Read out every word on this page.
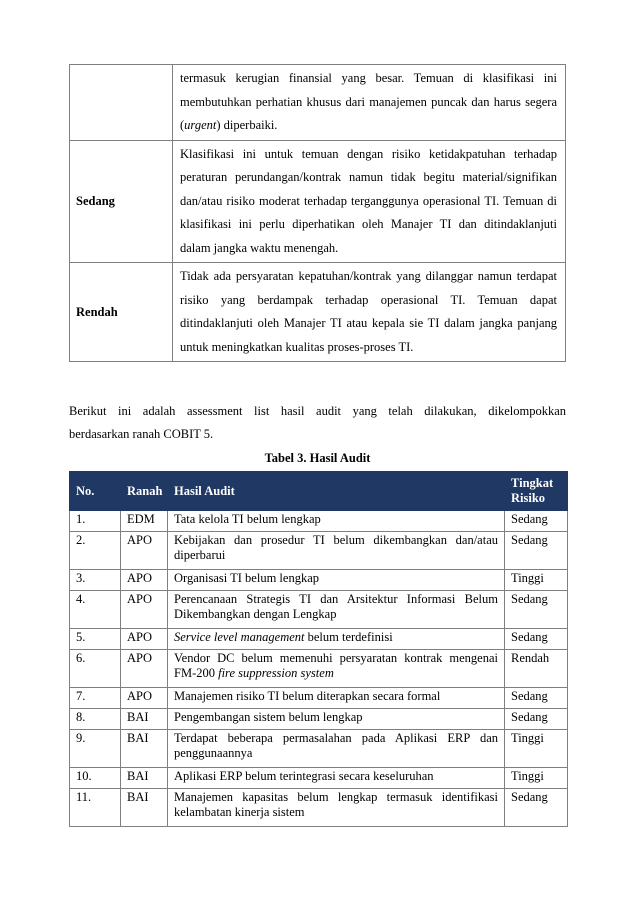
	termasuk kerugian finansial yang besar. Temuan di klasifikasi ini
membutuhkan perhatian khusus dari manajemen puncak dan harus segera
(urgent) diperbaiki.

Sedang	Klasifikasi ini untuk temuan dengan risiko ketidakpatuhan terhadap
peraturan perundangan/kontrak namun tidak begitu material/signifikan
dan/atau risiko moderat terhadap terganggunya operasional TI. Temuan di
klasifikasi ini perlu diperhatikan oleh Manajer TI dan ditindaklanjuti
dalam jangka waktu menengah.

Rendah	Tidak ada persyaratan kepatuhan/kontrak yang dilanggar namun terdapat
risiko yang berdampak terhadap operasional TI. Temuan dapat
ditindaklanjuti oleh Manajer TI atau kepala sie TI dalam jangka panjang
untuk meningkatkan kualitas proses-proses TI.

Berikut ini adalah assessment list hasil audit yang telah dilakukan, dikelompokkan
berdasarkan ranah COBIT 5.

Tabel 3. Hasil Audit
No.	Ranah	Hasil Audit	Tingkat
Risiko
1.	EDM	Tata kelola TI belum lengkap	Sedang
2.	APO	Kebijakan dan prosedur TI belum dikembangkan dan/atau
diperbarui	Sedang
3.	APO	Organisasi TI belum lengkap	Tinggi
4.	APO	Perencanaan Strategis TI dan Arsitektur Informasi Belum
Dikembangkan dengan Lengkap	Sedang
5.	APO	Service level management belum terdefinisi	Sedang
6.	APO	Vendor DC belum memenuhi persyaratan kontrak mengenai
FM-200 fire suppression system	Rendah
7.	APO	Manajemen risiko TI belum diterapkan secara formal	Sedang
8.	BAI	Pengembangan sistem belum lengkap	Sedang
9.	BAI	Terdapat beberapa permasalahan pada Aplikasi ERP dan
penggunaannya	Tinggi
10.	BAI	Aplikasi ERP belum terintegrasi secara keseluruhan	Tinggi
11.	BAI	Manajemen kapasitas belum lengkap termasuk identifikasi
kelambatan kinerja sistem	Sedang
